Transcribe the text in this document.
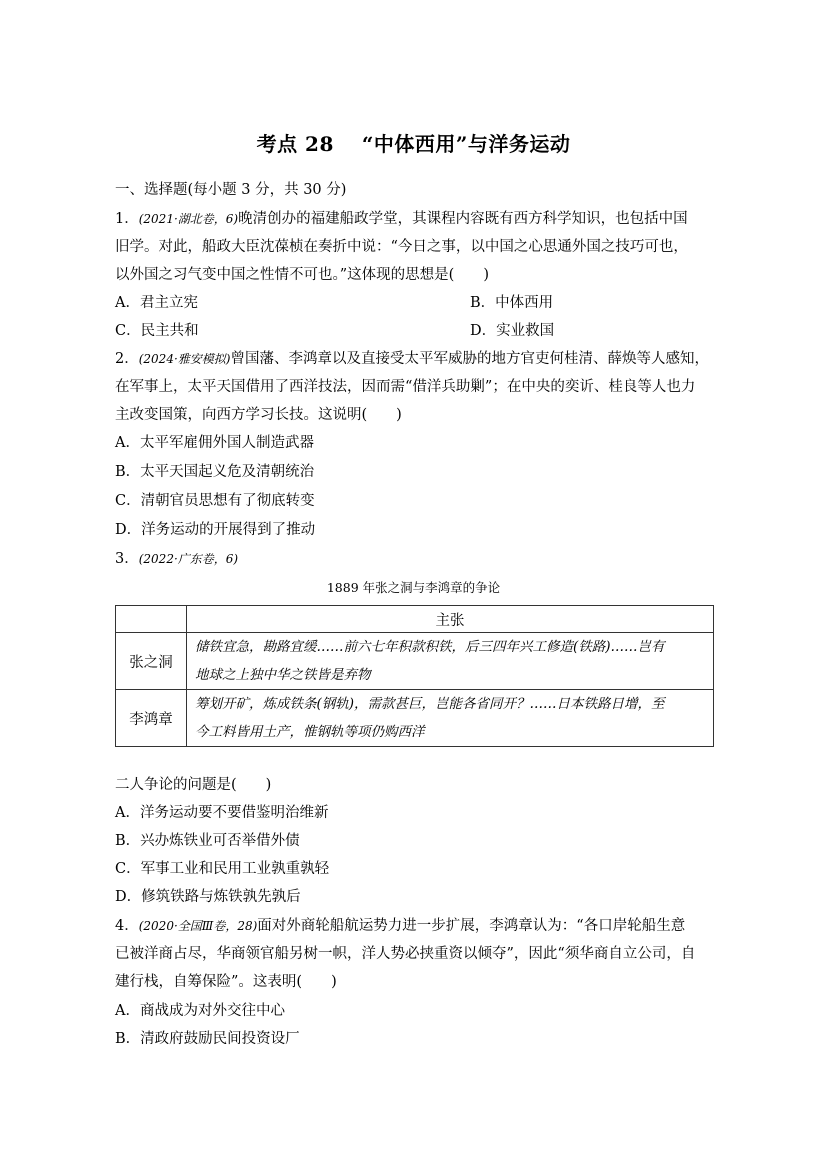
考点 28 “中体西用”与洋务运动
一、选择题(每小题 3 分，共 30 分)
1．(2021·湖北卷，6)晚清创办的福建船政学堂，其课程内容既有西方科学知识，也包括中国
旧学。对此，船政大臣沈葆桢在奏折中说：“今日之事，以中国之心思通外国之技巧可也，
以外国之习气变中国之性情不可也。”这体现的思想是(　　)
A．君主立宪	B．中体西用
C．民主共和	D．实业救国
2．(2024·雅安模拟)曾国藩、李鸿章以及直接受太平军威胁的地方官吏何桂清、薛焕等人感知，
在军事上，太平天国借用了西洋技法，因而需“借洋兵助剿”；在中央的奕䜣、桂良等人也力
主改变国策，向西方学习长技。这说明(　　)
A．太平军雇佣外国人制造武器
B．太平天国起义危及清朝统治
C．清朝官员思想有了彻底转变
D．洋务运动的开展得到了推动
3．(2022·广东卷，6)
1889 年张之洞与李鸿章的争论
	主张
张之洞	储铁宜急，勘路宜缓……前六七年积款积铁，后三四年兴工修造(铁路)……岂有
地球之上独中华之铁皆是弃物

李鸿章	筹划开矿，炼成铁条(钢轨)，需款甚巨，岂能各省同开？……日本铁路日增，至
今工料皆用土产，惟钢轨等项仍购西洋
二人争论的问题是(　　)
A．洋务运动要不要借鉴明治维新
B．兴办炼铁业可否举借外债
C．军事工业和民用工业孰重孰轻
D．修筑铁路与炼铁孰先孰后
4．(2020·全国Ⅲ卷，28)面对外商轮船航运势力进一步扩展，李鸿章认为：“各口岸轮船生意
已被洋商占尽，华商领官船另树一帜，洋人势必挟重资以倾夺”，因此“须华商自立公司，自
建行栈，自筹保险”。这表明(　　)
A．商战成为对外交往中心
B．清政府鼓励民间投资设厂
